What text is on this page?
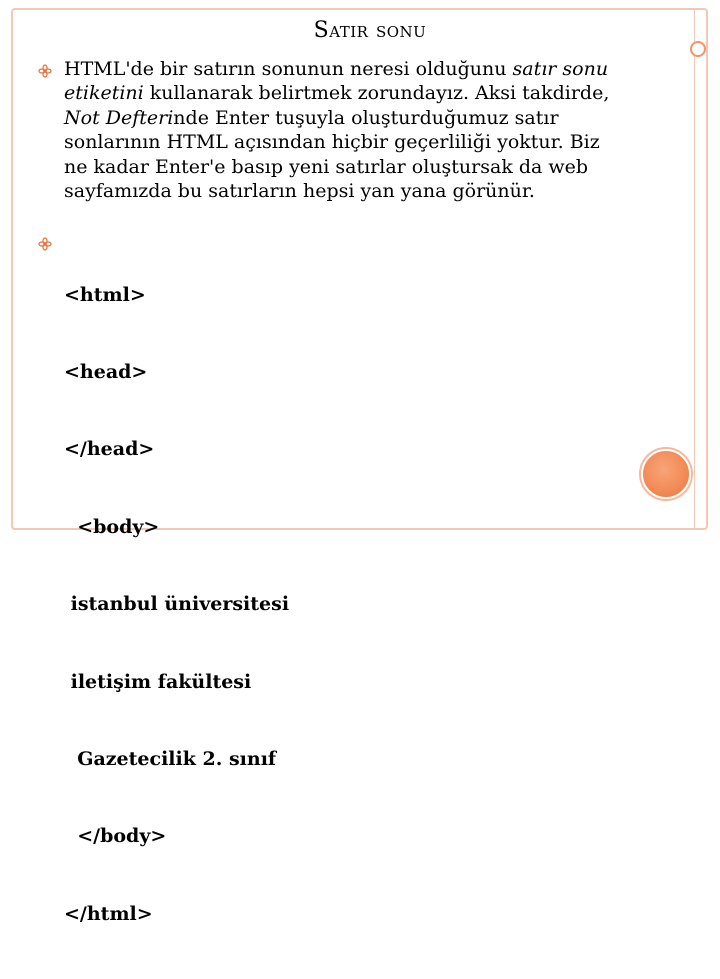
Satır sonu
HTML'de bir satırın sonunun neresi olduğunu satır sonu etiketini kullanarak belirtmek zorundayız. Aksi takdirde, Not Defterinde Enter tuşuyla oluşturduğumuz satır sonlarının HTML açısından hiçbir geçerliliği yoktur. Biz ne kadar Enter'e basıp yeni satırlar oluştursak da web sayfamızda bu satırların hepsi yan yana görünür.

<html>

<head>

</head>

<body>

istanbul üniversitesi

iletişim fakültesi

Gazetecilik 2. sınıf

</body>

</html>
